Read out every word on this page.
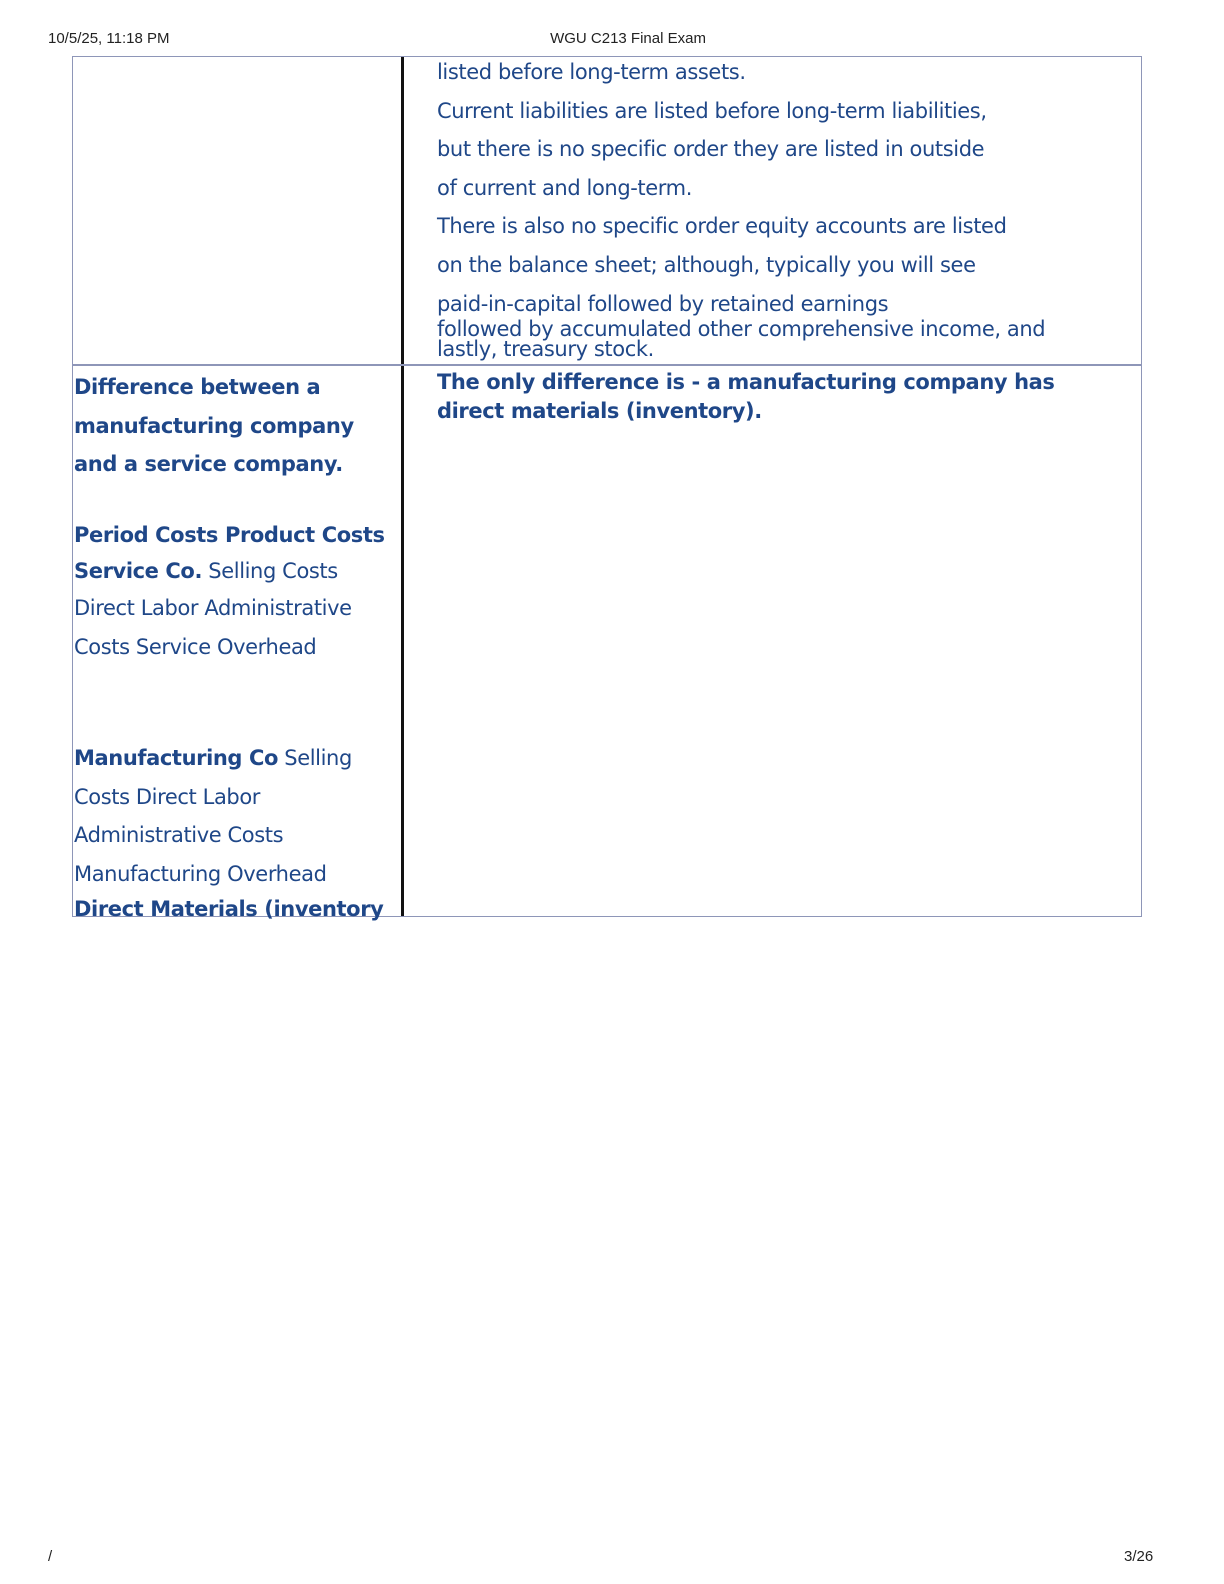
10/5/25, 11:18 PM	WGU C213 Final Exam
listed before long-term assets.
Current liabilities are listed before long-term liabilities,
but there is no specific order they are listed in outside
of current and long-term.
There is also no specific order equity accounts are listed
on the balance sheet; although, typically you will see
paid-in-capital followed by retained earnings
followed by accumulated other comprehensive income, and
lastly, treasury stock.
Difference between a
manufacturing company
and a service company.
Period Costs Product Costs
Service Co. Selling Costs
Direct Labor Administrative
Costs Service Overhead
Manufacturing Co Selling
Costs Direct Labor
Administrative Costs
Manufacturing Overhead
Direct Materials (inventory
The only difference is - a manufacturing company has direct materials (inventory).
/	3/26
